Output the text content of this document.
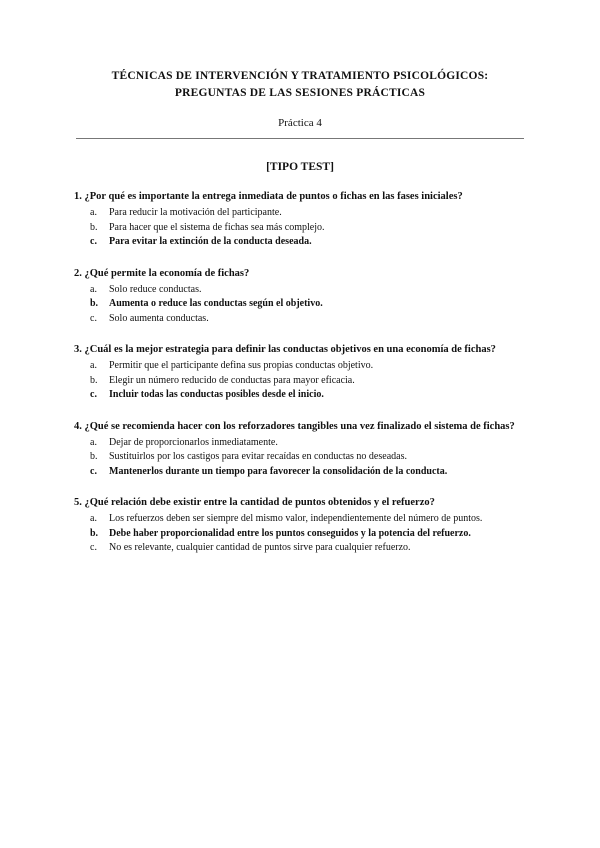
TÉCNICAS DE INTERVENCIÓN Y TRATAMIENTO PSICOLÓGICOS:
PREGUNTAS DE LAS SESIONES PRÁCTICAS
Práctica 4
[TIPO TEST]
1. ¿Por qué es importante la entrega inmediata de puntos o fichas en las fases iniciales?
a. Para reducir la motivación del participante.
b. Para hacer que el sistema de fichas sea más complejo.
c. Para evitar la extinción de la conducta deseada.
2. ¿Qué permite la economía de fichas?
a. Solo reduce conductas.
b. Aumenta o reduce las conductas según el objetivo.
c. Solo aumenta conductas.
3. ¿Cuál es la mejor estrategia para definir las conductas objetivos en una economía de fichas?
a. Permitir que el participante defina sus propias conductas objetivo.
b. Elegir un número reducido de conductas para mayor eficacia.
c. Incluir todas las conductas posibles desde el inicio.
4. ¿Qué se recomienda hacer con los reforzadores tangibles una vez finalizado el sistema de fichas?
a. Dejar de proporcionarlos inmediatamente.
b. Sustituirlos por los castigos para evitar recaídas en conductas no deseadas.
c. Mantenerlos durante un tiempo para favorecer la consolidación de la conducta.
5. ¿Qué relación debe existir entre la cantidad de puntos obtenidos y el refuerzo?
a. Los refuerzos deben ser siempre del mismo valor, independientemente del número de puntos.
b. Debe haber proporcionalidad entre los puntos conseguidos y la potencia del refuerzo.
c. No es relevante, cualquier cantidad de puntos sirve para cualquier refuerzo.
